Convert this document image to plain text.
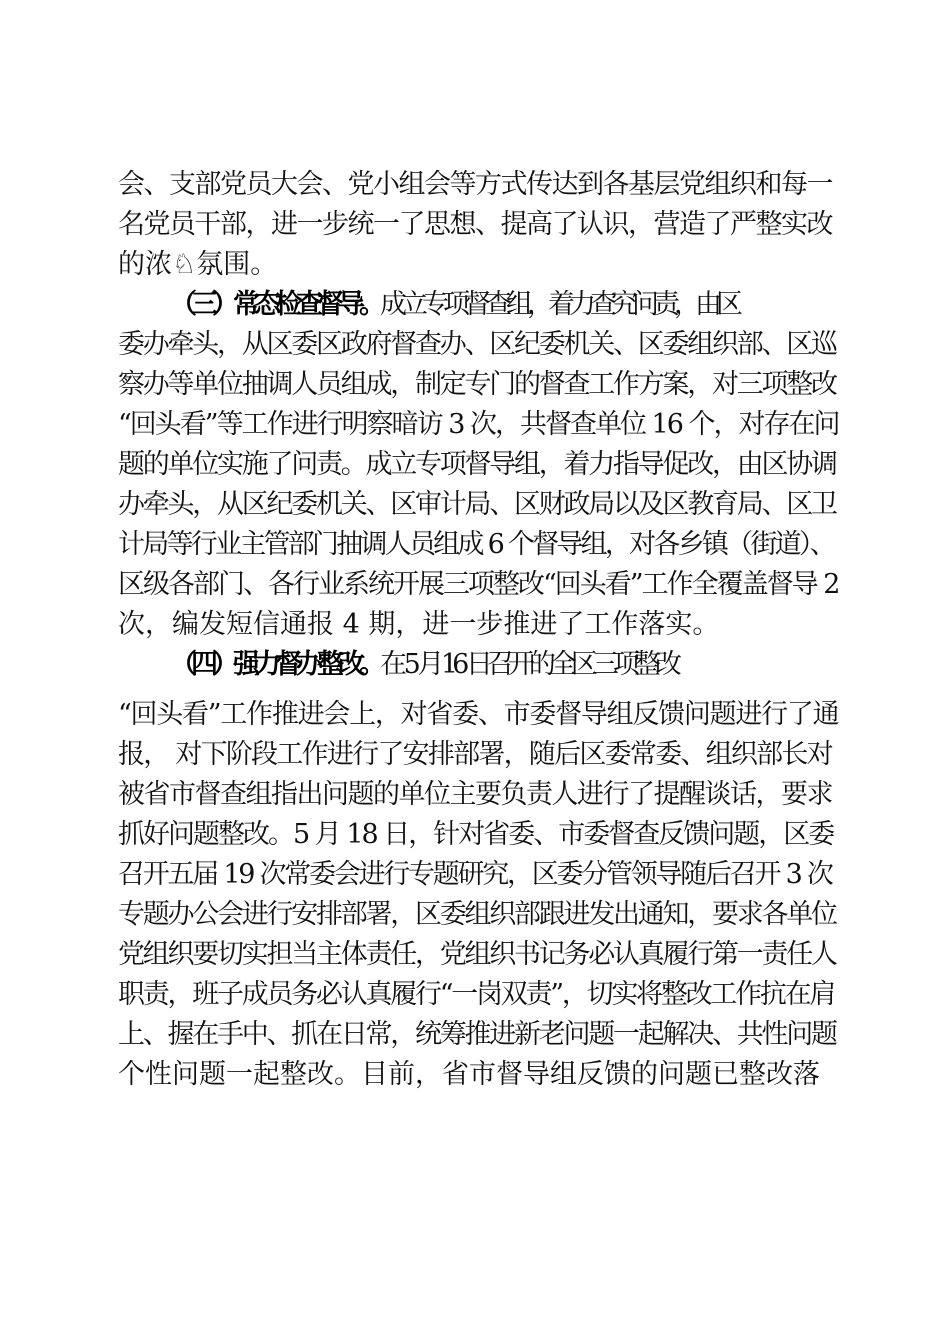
会、支部党员大会、党小组会等方式传达到各基层党组织和每一
名党员干部，进一步统一了思想、提高了认识，营造了严整实改
的浓♘氛围。
（三）常态检查督导。成立专项督查组，着力查究问责，由区
委办牵头，从区委区政府督查办、区纪委机关、区委组织部、区巡
察办等单位抽调人员组成，制定专门的督查工作方案，对三项整改
“回头看”等工作进行明察暗访 3 次，共督查单位 16 个，对存在问
题的单位实施了问责。成立专项督导组，着力指导促改，由区协调
办牵头，从区纪委机关、区审计局、区财政局以及区教育局、区卫
计局等行业主管部门抽调人员组成 6 个督导组，对各乡镇（街道）、
区级各部门、各行业系统开展三项整改“回头看”工作全覆盖督导 2
次，编发短信通报 4 期，进一步推进了工作落实。
（四）强力督办整改。在 5 月 16 日召开的全区三项整改
“回头看”工作推进会上，对省委、市委督导组反馈问题进行了通
报， 对下阶段工作进行了安排部署，随后区委常委、组织部长对
被省市督查组指出问题的单位主要负责人进行了提醒谈话，要求
抓好问题整改。5 月 18 日，针对省委、市委督查反馈问题，区委
召开五届 19 次常委会进行专题研究，区委分管领导随后召开 3 次
专题办公会进行安排部署，区委组织部跟进发出通知，要求各单位
党组织要切实担当主体责任，党组织书记务必认真履行第一责任人
职责，班子成员务必认真履行“一岗双责”，切实将整改工作抗在肩
上、握在手中、抓在日常，统筹推进新老问题一起解决、共性问题
个性问题一起整改。目前，省市督导组反馈的问题已整改落
